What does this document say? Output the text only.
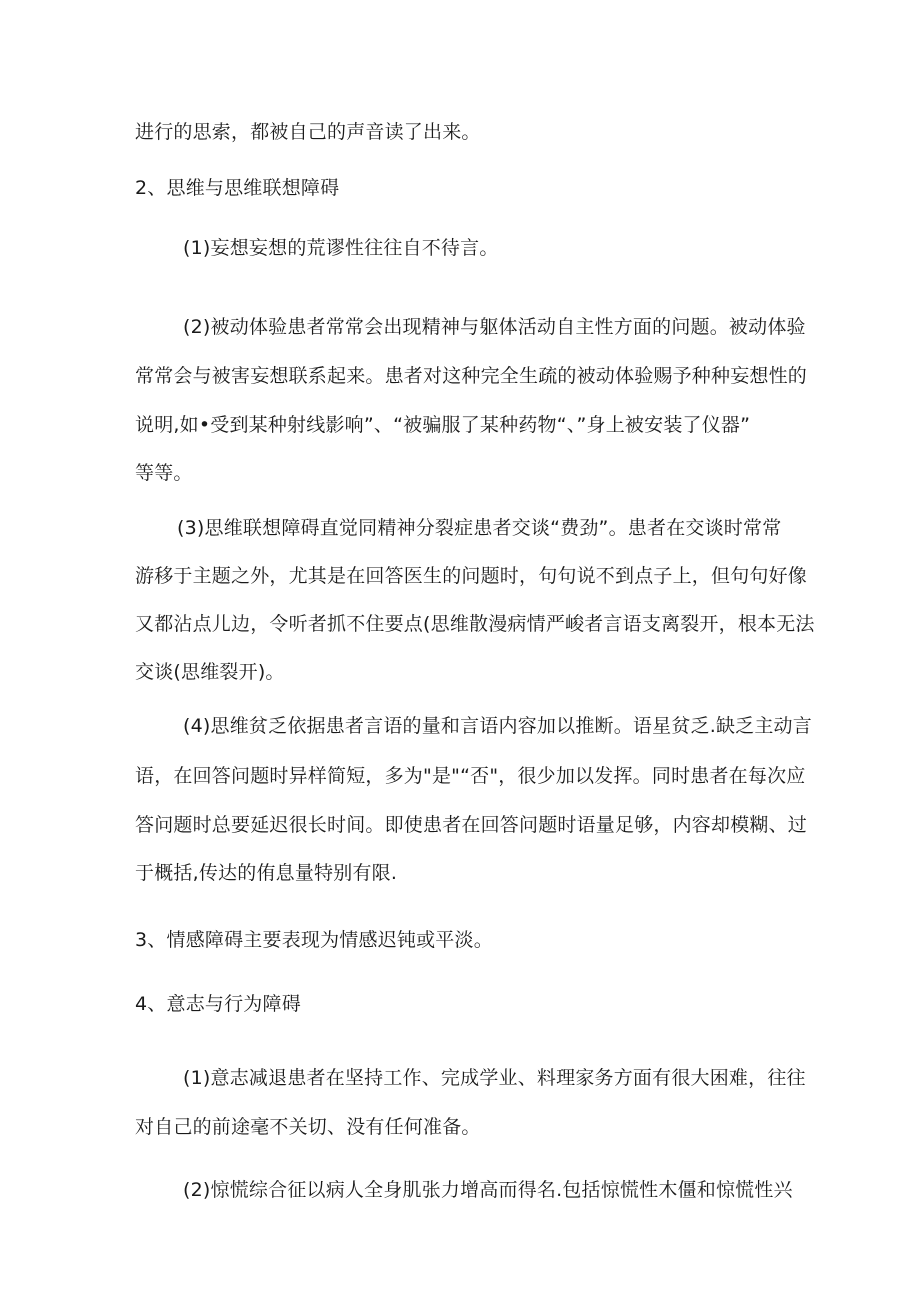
进行的思索，都被自己的声音读了出来。
2、思维与思维联想障碍
(1)妄想妄想的荒谬性往往自不待言。
(2)被动体验患者常常会出现精神与躯体活动自主性方面的问题。被动体验
常常会与被害妄想联系起来。患者对这种完全生疏的被动体验赐予种种妄想性的
说明,如•受到某种射线影响”、“被骗服了某种药物“、”身上被安装了仪器”
等等。
(3)思维联想障碍直觉同精神分裂症患者交谈“费劲”。患者在交谈时常常
游移于主题之外，尤其是在回答医生的问题时，句句说不到点子上，但句句好像
又都沾点儿边，令听者抓不住要点(思维散漫病情严峻者言语支离裂开，根本无法
交谈(思维裂开)。
(4)思维贫乏依据患者言语的量和言语内容加以推断。语星贫乏.缺乏主动言
语，在回答问题时异样简短，多为"是"“否"，很少加以发挥。同时患者在每次应
答问题时总要延迟很长时间。即使患者在回答问题时语量足够，内容却模糊、过
于概括,传达的侑息量特别有限.
3、情感障碍主要表现为情感迟钝或平淡。
4、意志与行为障碍
(1)意志减退患者在坚持工作、完成学业、料理家务方面有很大困难，往往
对自己的前途毫不关切、没有任何准备。
(2)惊慌综合征以病人全身肌张力增高而得名.包括惊慌性木僵和惊慌性兴
